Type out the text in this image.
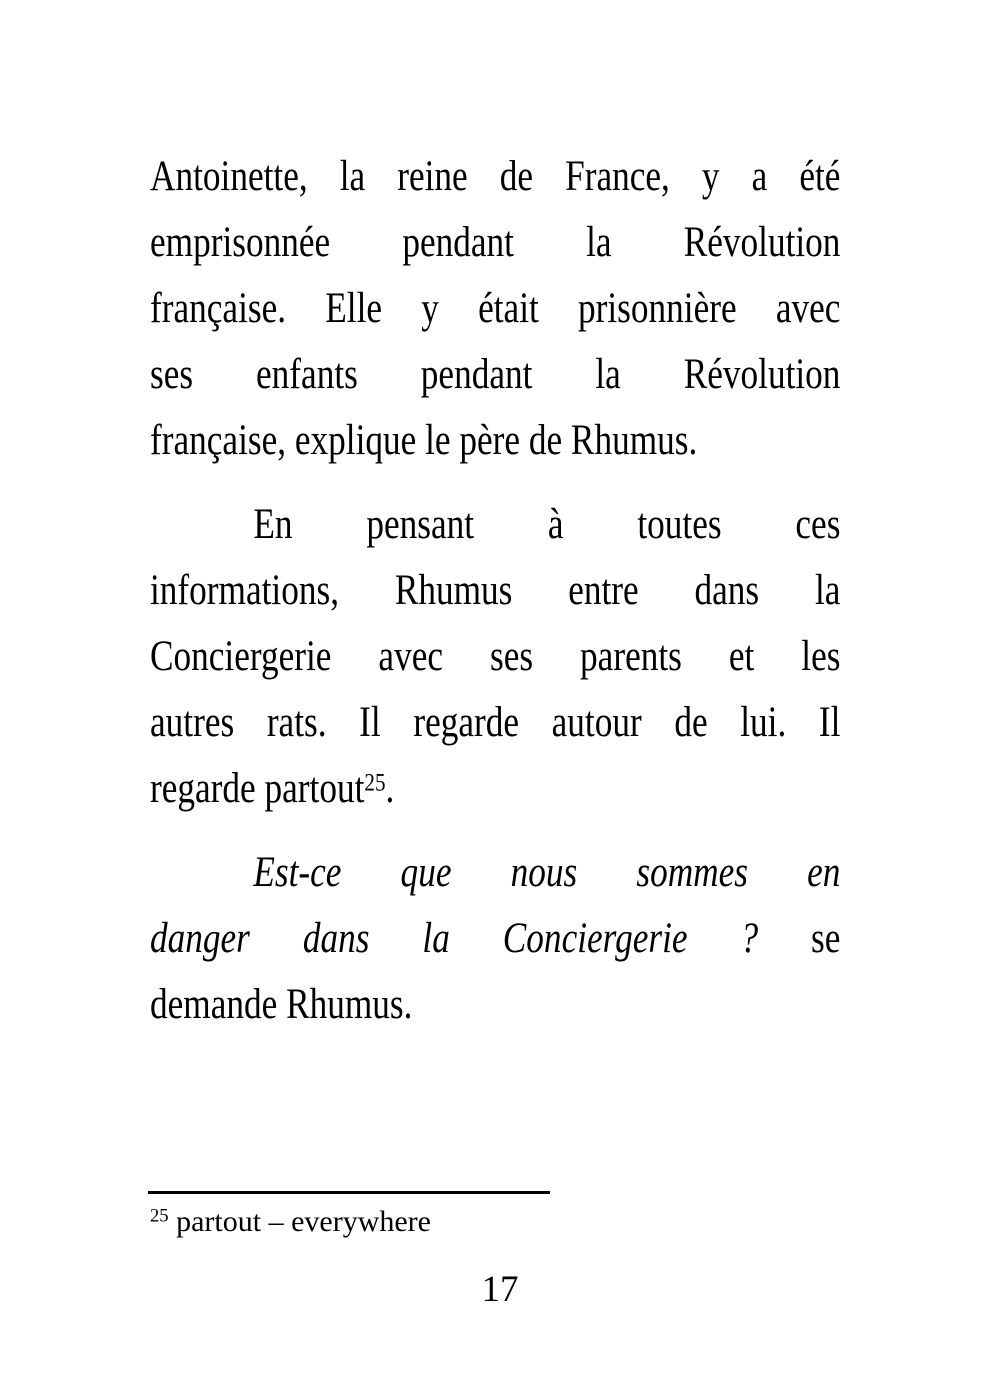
Antoinette, la reine de France, y a été
emprisonnée pendant la Révolution
française. Elle y était prisonnière avec
ses enfants pendant la Révolution
française, explique le père de Rhumus.
En pensant à toutes ces
informations, Rhumus entre dans la
Conciergerie avec ses parents et les
autres rats. Il regarde autour de lui. Il
regarde partout$^{25}$.
Est-ce que nous sommes en
danger dans la Conciergerie ? se
demande Rhumus.
$^{25}$ partout – everywhere
17
